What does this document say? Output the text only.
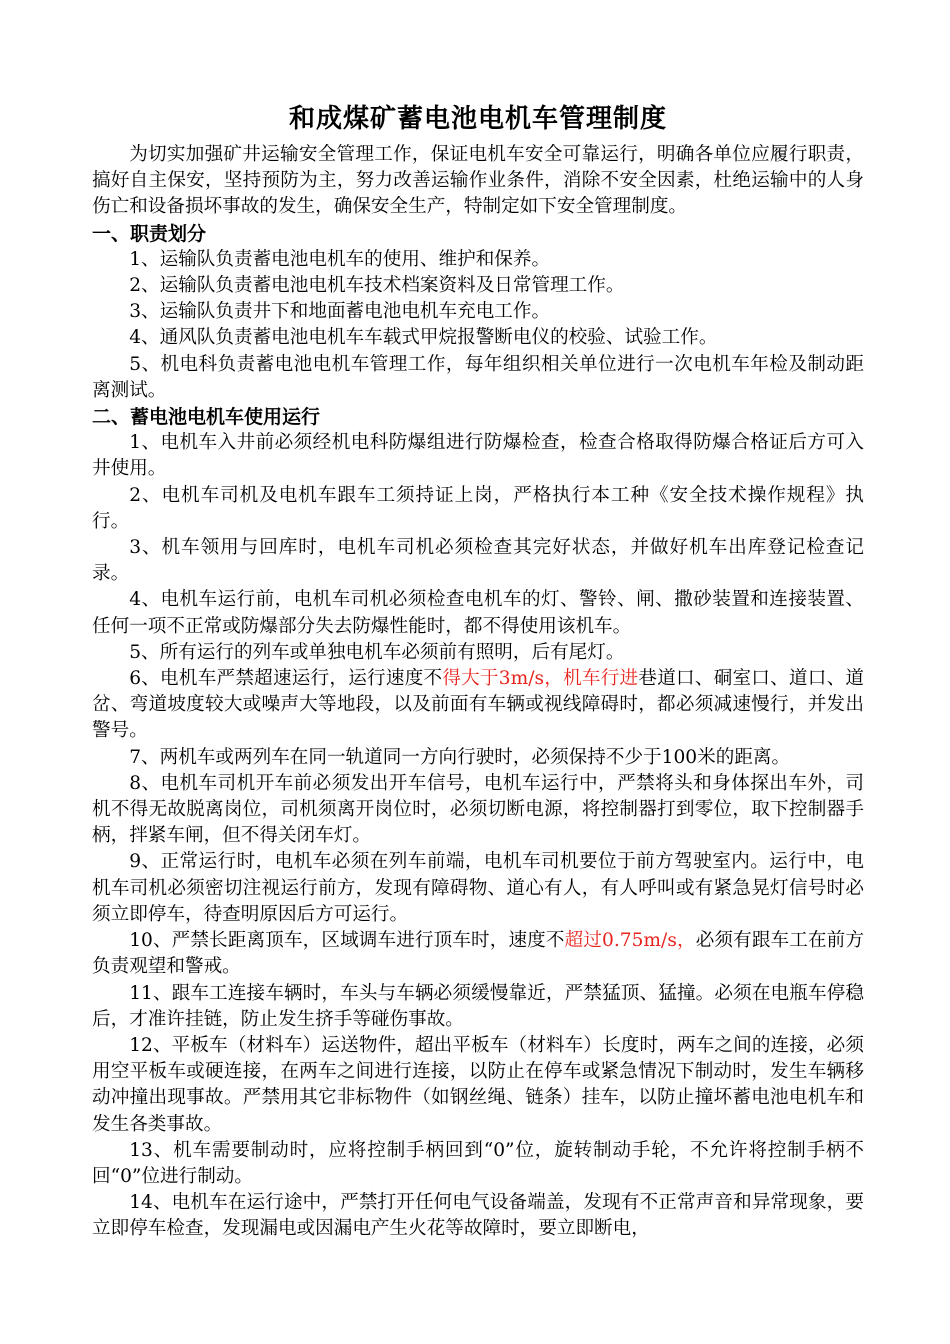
和成煤矿蓄电池电机车管理制度

为切实加强矿井运输安全管理工作，保证电机车安全可靠运行，明确各单位应履行职责，搞好自主保安，坚持预防为主，努力改善运输作业条件，消除不安全因素，杜绝运输中的人身伤亡和设备损坏事故的发生，确保安全生产，特制定如下安全管理制度。

一、职责划分

1、运输队负责蓄电池电机车的使用、维护和保养。

2、运输队负责蓄电池电机车技术档案资料及日常管理工作。

3、运输队负责井下和地面蓄电池电机车充电工作。

4、通风队负责蓄电池电机车车载式甲烷报警断电仪的校验、试验工作。

5、机电科负责蓄电池电机车管理工作，每年组织相关单位进行一次电机车年检及制动距离测试。

二、蓄电池电机车使用运行

1、电机车入井前必须经机电科防爆组进行防爆检查，检查合格取得防爆合格证后方可入井使用。

2、电机车司机及电机车跟车工须持证上岗，严格执行本工种《安全技术操作规程》执行。

3、机车领用与回库时，电机车司机必须检查其完好状态，并做好机车出库登记检查记录。

4、电机车运行前，电机车司机必须检查电机车的灯、警铃、闸、撒砂装置和连接装置、任何一项不正常或防爆部分失去防爆性能时，都不得使用该机车。

5、所有运行的列车或单独电机车必须前有照明，后有尾灯。

6、电机车严禁超速运行，运行速度不得大于3m/s，机车行进巷道口、硐室口、道口、道岔、弯道坡度较大或噪声大等地段，以及前面有车辆或视线障碍时，都必须减速慢行，并发出警号。

7、两机车或两列车在同一轨道同一方向行驶时，必须保持不少于100米的距离。

8、电机车司机开车前必须发出开车信号，电机车运行中，严禁将头和身体探出车外，司机不得无故脱离岗位，司机须离开岗位时，必须切断电源，将控制器打到零位，取下控制器手柄，拌紧车闸，但不得关闭车灯。

9、正常运行时，电机车必须在列车前端，电机车司机要位于前方驾驶室内。运行中，电机车司机必须密切注视运行前方，发现有障碍物、道心有人，有人呼叫或有紧急晃灯信号时必须立即停车，待查明原因后方可运行。

10、严禁长距离顶车，区域调车进行顶车时，速度不超过0.75m/s，必须有跟车工在前方负责观望和警戒。

11、跟车工连接车辆时，车头与车辆必须缓慢靠近，严禁猛顶、猛撞。必须在电瓶车停稳后，才准许挂链，防止发生挤手等碰伤事故。

12、平板车（材料车）运送物件，超出平板车（材料车）长度时，两车之间的连接，必须用空平板车或硬连接，在两车之间进行连接，以防止在停车或紧急情况下制动时，发生车辆移动冲撞出现事故。严禁用其它非标物件（如钢丝绳、链条）挂车，以防止撞坏蓄电池电机车和发生各类事故。

13、机车需要制动时，应将控制手柄回到“0”位，旋转制动手轮，不允许将控制手柄不回“0”位进行制动。

14、电机车在运行途中，严禁打开任何电气设备端盖，发现有不正常声音和异常现象，要立即停车检查，发现漏电或因漏电产生火花等故障时，要立即断电，
